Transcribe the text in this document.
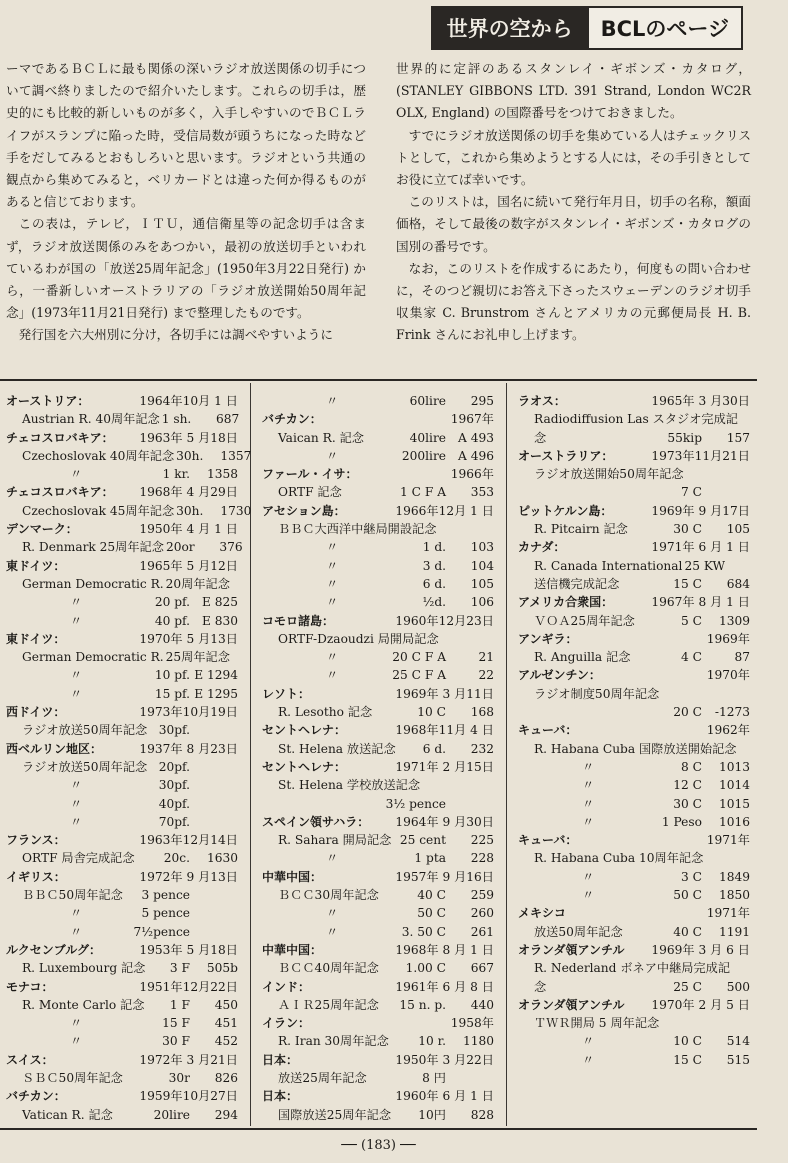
世界の空から	BCLのページ

ーマであるＢＣＬに最も関係の深いラジオ放送関係の切手について調べ終りましたので紹介いたします。これらの切手は，歴史的にも比較的新しいものが多く，入手しやすいのでＢＣＬライフがスランプに陥った時，受信局数が頭うちになった時など手をだしてみるとおもしろいと思います。ラジオという共通の観点から集めてみると，ベリカードとは違った何か得るものがあると信じております。

この表は，テレビ，ＩＴＵ，通信衛星等の記念切手は含まず，ラジオ放送関係のみをあつかい，最初の放送切手といわれているわが国の「放送25周年記念」(1950年3月22日発行) から，一番新しいオーストラリアの「ラジオ放送開始50周年記念」(1973年11月21日発行) まで整理したものです。

発行国を六大州別に分け，各切手には調べやすいように

世界的に定評のあるスタンレイ・ギボンズ・カタログ，(STANLEY GIBBONS LTD. 391 Strand, London WC2R OLX, England) の国際番号をつけておきました。

すでにラジオ放送関係の切手を集めている人はチェックリストとして，これから集めようとする人には，その手引きとしてお役に立てば幸いです。

このリストは，国名に続いて発行年月日，切手の名称，額面価格，そして最後の数字がスタンレイ・ギボンズ・カタログの国別の番号です。

なお，このリストを作成するにあたり，何度もの問い合わせに，そのつど親切にお答え下さったスウェーデンのラジオ切手収集家 C. Brunstrom さんとアメリカの元郵便局長 H. B. Frink さんにお礼申し上げます。

オーストリア：	1964年10月 1 日
Austrian R. 40周年記念 1 sh.	687
チェコスロバキア：	1963年 5 月18日
Czechoslovak 40周年記念 30h.	1357
〃	1 kr.	1358
チェコスロバキア：	1968年 4 月29日
Czechoslovak 45周年記念 30h.	1730
デンマーク：	1950年 4 月 1 日
R. Denmark 25周年記念 20or	376
東ドイツ：	1965年 5 月12日
German Democratic R. 20周年記念
〃	20 pf. E 825
〃	40 pf. E 830
東ドイツ：	1970年 5 月13日
German Democratic R. 25周年記念
〃	10 pf. E 1294
〃	15 pf. E 1295
西ドイツ：	1973年10月19日
ラジオ放送50周年記念 30pf.
西ベルリン地区：	1937年 8 月23日
ラジオ放送50周年記念 20pf.
〃	30pf.
〃	40pf.
〃	70pf.
フランス：	1963年12月14日
ORTF 局舎完成記念	20c.	1630
イギリス：	1972年 9 月13日
ＢＢＣ50周年記念	3 pence
〃	5 pence
〃	7½pence
ルクセンブルグ：	1953年 5 月18日
R. Luxembourg 記念	3 F	505b
モナコ：	1951年12月22日
R. Monte Carlo 記念	1 F	450
〃	15 F	451
〃	30 F	452
スイス：	1972年 3 月21日
ＳＢＣ50周年記念	30r	826
バチカン：	1959年10月27日
Vatican R. 記念	20lire	294
〃	60lire	295
バチカン：	1967年
Vaican R. 記念	40lire A 493
〃	200lire A 496
ファール・イサ：	1966年
ORTF 記念	1 C F A	353
アセション島：	1966年12月 1 日
ＢＢＣ大西洋中継局開設記念
〃	1 d.	103
〃	3 d.	104
〃	6 d.	105
〃	½d.	106
コモロ諸島：	1960年12月23日
ORTF-Dzaoudzi 局開局記念
〃	20 C F A	21
〃	25 C F A	22
レソト：	1969年 3 月11日
R. Lesotho 記念	10 C	168
セントヘレナ：	1968年11月 4 日
St. Helena 放送記念	6 d.	232
セントヘレナ：	1971年 2 月15日
St. Helena 学校放送記念
3½ pence
スペイン領サハラ：	1964年 9 月30日
R. Sahara 開局記念 25 cent	225
〃	1 pta	228
中華中国：	1957年 9 月16日
ＢＣＣ30周年記念	40 C	259
〃	50 C	260
〃	3. 50 C	261
中華中国：	1968年 8 月 1 日
ＢＣＣ40周年記念	1.00 C	667
インド：	1961年 6 月 8 日
ＡＩＲ25周年記念	15 n. p.	440
イラン：	1958年
R. Iran 30周年記念	10 r.	1180
日本：	1950年 3 月22日
放送25周年記念	8 円
日本：	1960年 6 月 1 日
国際放送25周年記念	10円	828
ラオス：	1965年 3 月30日
Radiodiffusion Las スタジオ完成記
念	55kip	157
オーストラリア：	1973年11月21日
ラジオ放送開始50周年記念
7 C
ピットケルン島：	1969年 9 月17日
R. Pitcairn 記念	30 C	105
カナダ：	1971年 6 月 1 日
R. Canada International 25 KW
送信機完成記念	15 C	684
アメリカ合衆国：	1967年 8 月 1 日
ＶＯＡ25周年記念	5 C	1309
アンギラ：	1969年
R. Anguilla 記念	4 C	87
アルゼンチン：	1970年
ラジオ制度50周年記念
20 C	-1273
キューバ：	1962年
R. Habana Cuba 国際放送開始記念
〃	8 C	1013
〃	12 C	1014
〃	30 C	1015
〃	1 Peso	1016
キューバ：	1971年
R. Habana Cuba 10周年記念
〃	3 C	1849
〃	50 C	1850
メキシコ	1971年
放送50周年記念	40 C	1191
オランダ領アンチル	1969年 3 月 6 日
R. Nederland ボネア中継局完成記
念	25 C	500
オランダ領アンチル	1970年 2 月 5 日
ＴＷＲ開局 5 周年記念
〃	10 C	514
〃	15 C	515
── (183) ──
